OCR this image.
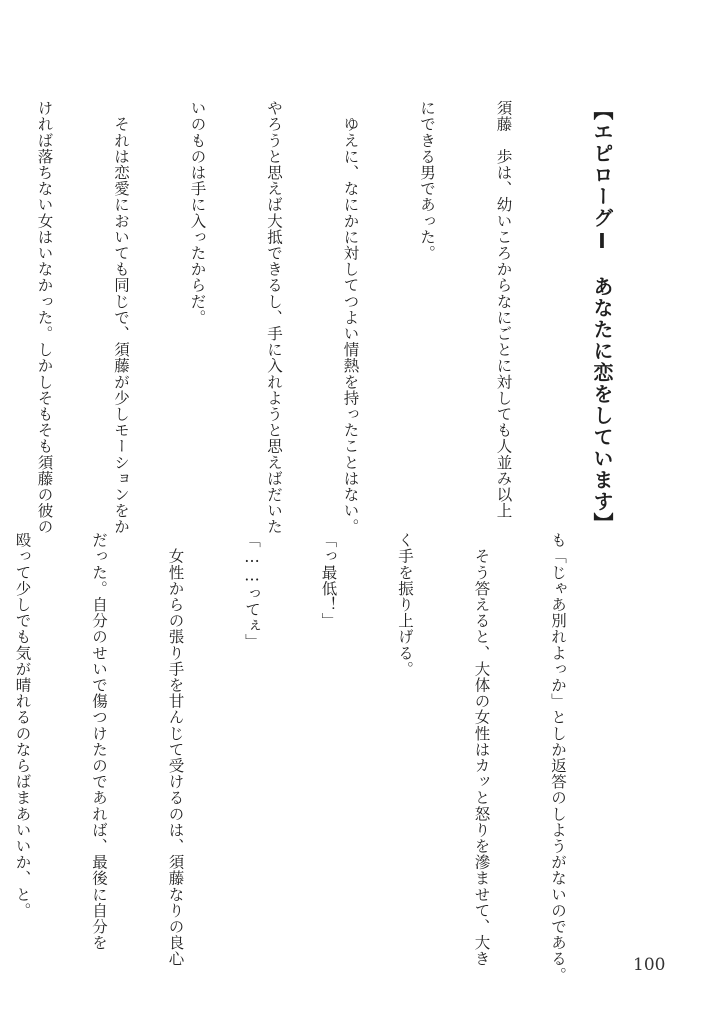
【エピローグⅠ　あなたに恋をしています】

須藤　歩は、幼いころからなにごとに対しても人並み以上

にできる男であった。

　ゆえに、なにかに対してつよい情熱を持ったことはない。

やろうと思えば大抵できるし、手に入れようと思えばだいた

いのものは手に入ったからだ。

　それは恋愛においても同じで、須藤が少しモーションをか

ければ落ちない女はいなかった。しかしそもそも須藤の彼の

も「じゃあ別れよっか」としか返答のしようがないのである。

　そう答えると、大体の女性はカッと怒りを滲ませて、大き

く手を振り上げる。

「っ最低！」

「……ってぇ」

　女性からの張り手を甘んじて受けるのは、須藤なりの良心

だった。自分のせいで傷つけたのであれば、最後に自分を

殴って少しでも気が晴れるのならばまあいいか、と。

100
